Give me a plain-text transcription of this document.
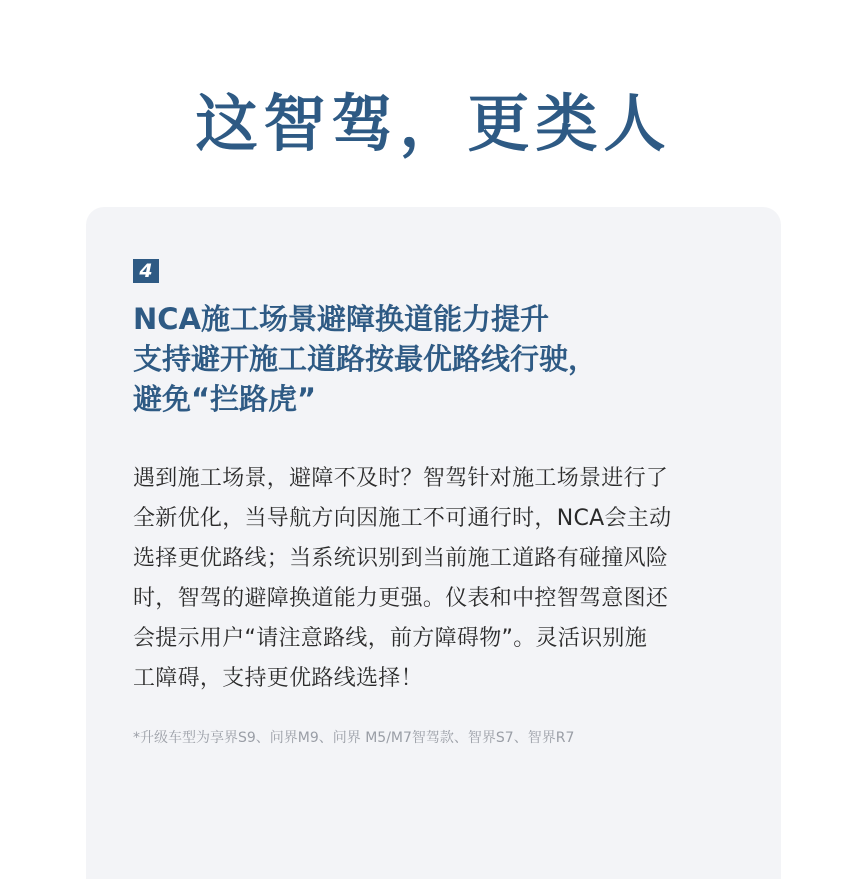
这智驾，更类人
4
NCA施工场景避障换道能力提升
支持避开施工道路按最优路线行驶，
避免“拦路虎”
遇到施工场景，避障不及时？智驾针对施工场景进行了
全新优化，当导航方向因施工不可通行时，NCA会主动
选择更优路线；当系统识别到当前施工道路有碰撞风险
时，智驾的避障换道能力更强。仪表和中控智驾意图还
会提示用户“请注意路线，前方障碍物”。灵活识别施
工障碍，支持更优路线选择！
*升级车型为享界S9、问界M9、问界 M5/M7智驾款、智界S7、智界R7
